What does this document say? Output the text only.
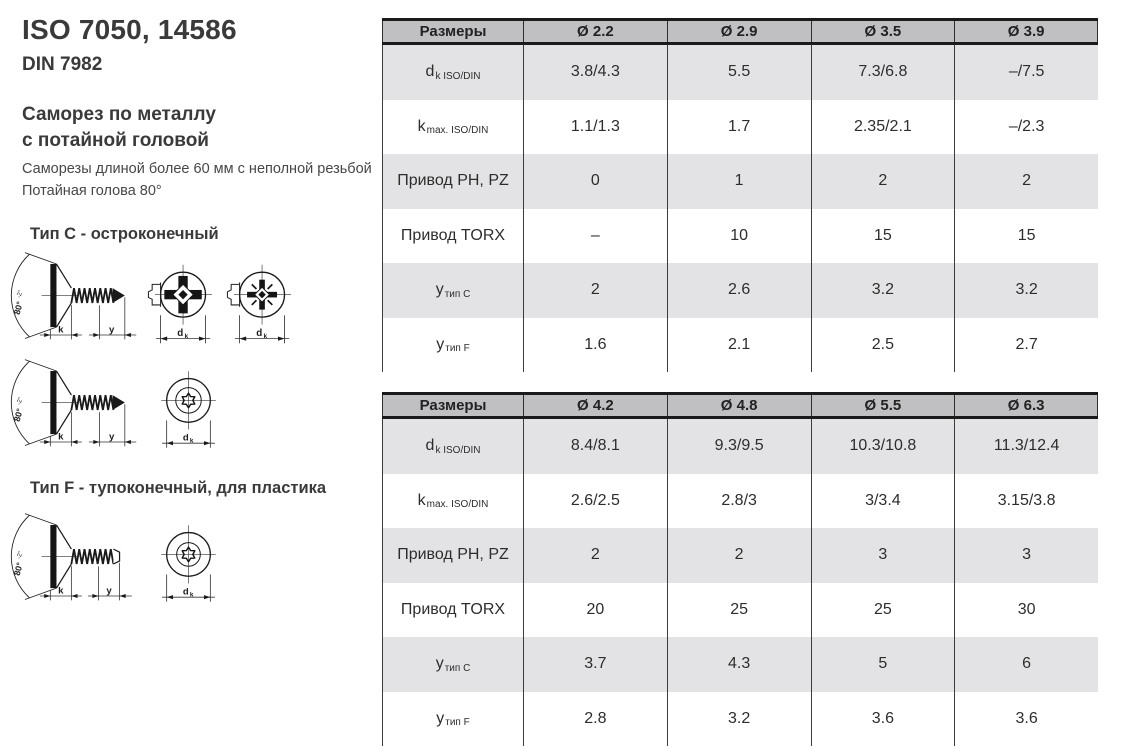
ISO 7050, 14586
DIN 7982
Саморез по металлу
с потайной головой
Саморезы длиной более 60 мм с неполной резьбой
Потайная голова 80°
Тип C - остроконечный
80°
-2°
k	y	d k	d k
80°
-2°
k	y	d k
Тип F - тупоконечный, для пластика
80°
-2°
k	y	d k
Размеры	Ø 2.2	Ø 2.9	Ø 3.5	Ø 3.9
d k ISO/DIN	3.8/4.3	5.5	7.3/6.8	–/7.5
k max. ISO/DIN	1.1/1.3	1.7	2.35/2.1	–/2.3
Привод PH, PZ	0	1	2	2
Привод TORX	–	10	15	15
y тип C	2	2.6	3.2	3.2
y тип F	1.6	2.1	2.5	2.7
Размеры	Ø 4.2	Ø 4.8	Ø 5.5	Ø 6.3
d k ISO/DIN	8.4/8.1	9.3/9.5	10.3/10.8	11.3/12.4
k max. ISO/DIN	2.6/2.5	2.8/3	3/3.4	3.15/3.8
Привод PH, PZ	2	2	3	3
Привод TORX	20	25	25	30
y тип C	3.7	4.3	5	6
y тип F	2.8	3.2	3.6	3.6
